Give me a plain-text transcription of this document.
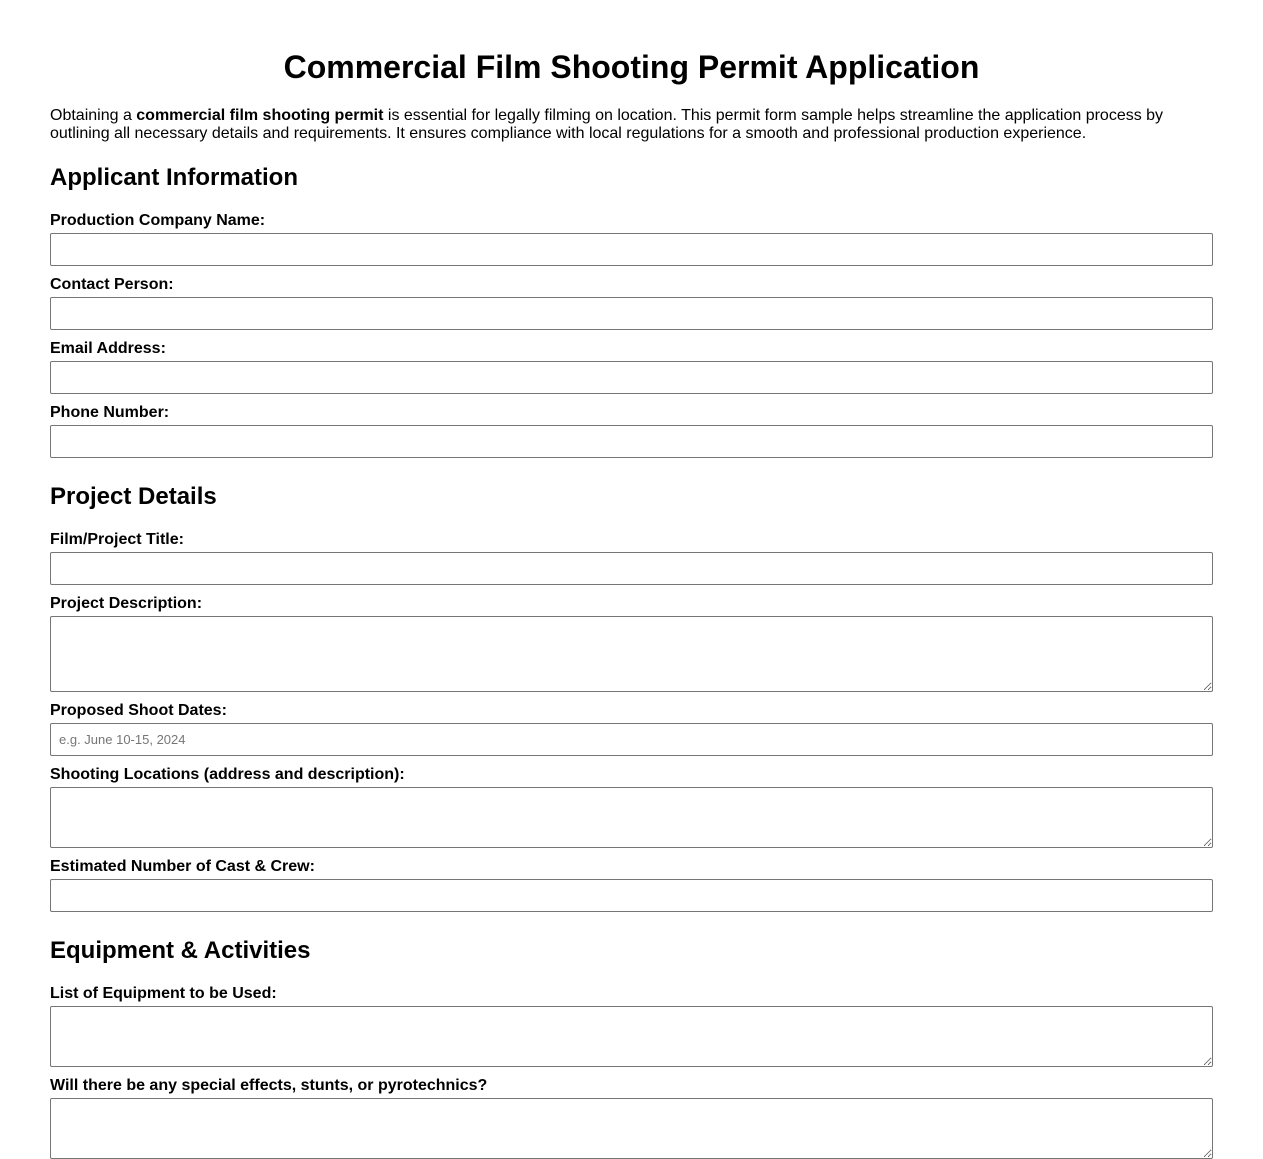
Commercial Film Shooting Permit Application

Obtaining a commercial film shooting permit is essential for legally filming on location. This permit form sample helps streamline the application process by outlining all necessary details and requirements. It ensures compliance with local regulations for a smooth and professional production experience.

Applicant Information
Production Company Name:
Contact Person:
Email Address:
Phone Number:
Project Details
Film/Project Title:
Project Description:
Proposed Shoot Dates:
e.g. June 10-15, 2024
Shooting Locations (address and description):
Estimated Number of Cast & Crew:
Equipment & Activities
List of Equipment to be Used:
Will there be any special effects, stunts, or pyrotechnics?
